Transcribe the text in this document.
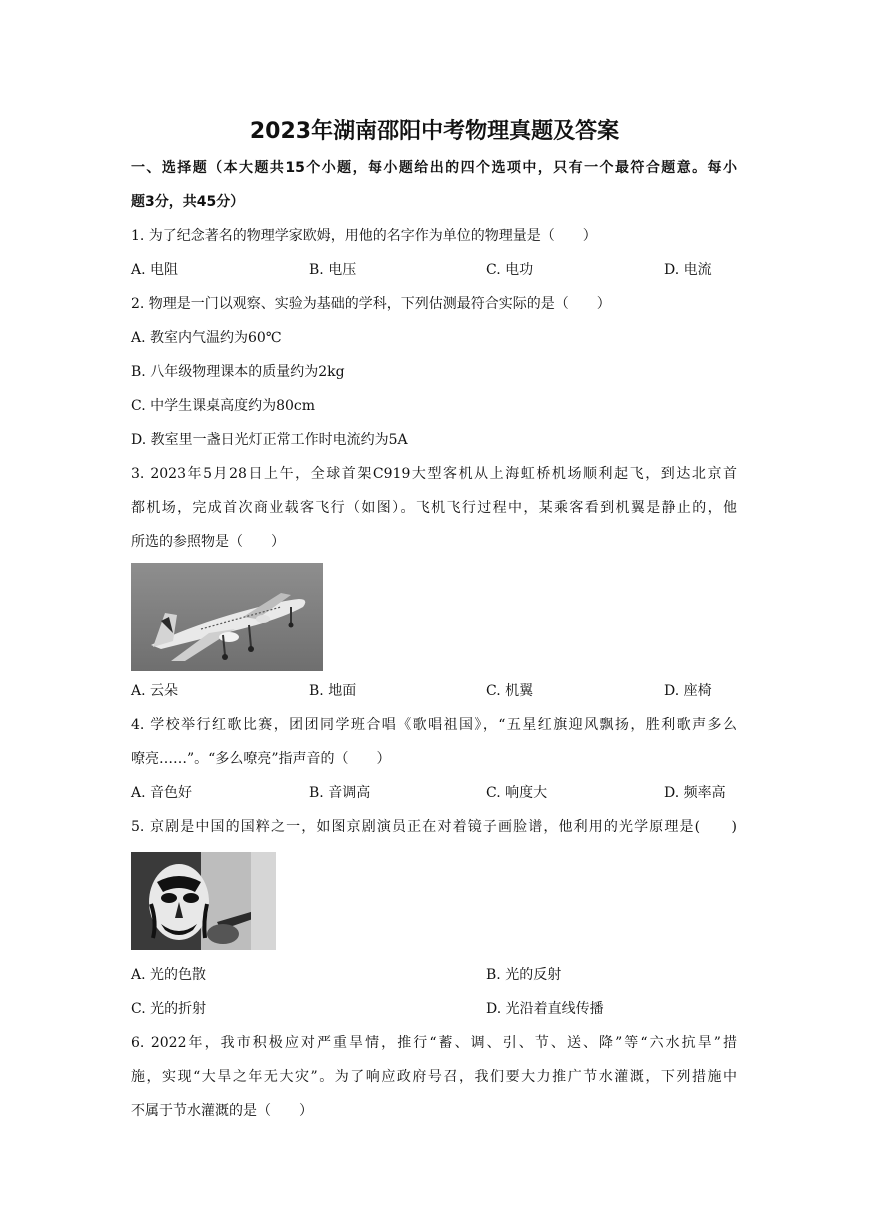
2023年湖南邵阳中考物理真题及答案
一、选择题（本大题共15个小题，每小题给出的四个选项中，只有一个最符合题意。每小
题3分，共45分）
1. 为了纪念著名的物理学家欧姆，用他的名字作为单位的物理量是（　　）
A. 电阻	B. 电压	C. 电功	D. 电流
2. 物理是一门以观察、实验为基础的学科，下列估测最符合实际的是（　　）
A. 教室内气温约为60℃
B. 八年级物理课本的质量约为2kg
C. 中学生课桌高度约为80cm
D. 教室里一盏日光灯正常工作时电流约为5A
3. 2023年5月28日上午，全球首架C919大型客机从上海虹桥机场顺利起飞，到达北京首
都机场，完成首次商业载客飞行（如图）。飞机飞行过程中，某乘客看到机翼是静止的，他
所选的参照物是（　　）
A. 云朵	B. 地面	C. 机翼	D. 座椅
4. 学校举行红歌比赛，团团同学班合唱《歌唱祖国》，“五星红旗迎风飘扬，胜利歌声多么
嘹亮……”。“多么嘹亮”指声音的（　　）
A. 音色好	B. 音调高	C. 响度大	D. 频率高
5. 京剧是中国的国粹之一，如图京剧演员正在对着镜子画脸谱，他利用的光学原理是(　　)
A. 光的色散	B. 光的反射
C. 光的折射	D. 光沿着直线传播
6. 2022年，我市积极应对严重旱情，推行“蓄、调、引、节、送、降”等“六水抗旱”措
施，实现“大旱之年无大灾”。为了响应政府号召，我们要大力推广节水灌溉，下列措施中
不属于节水灌溉的是（　　）
